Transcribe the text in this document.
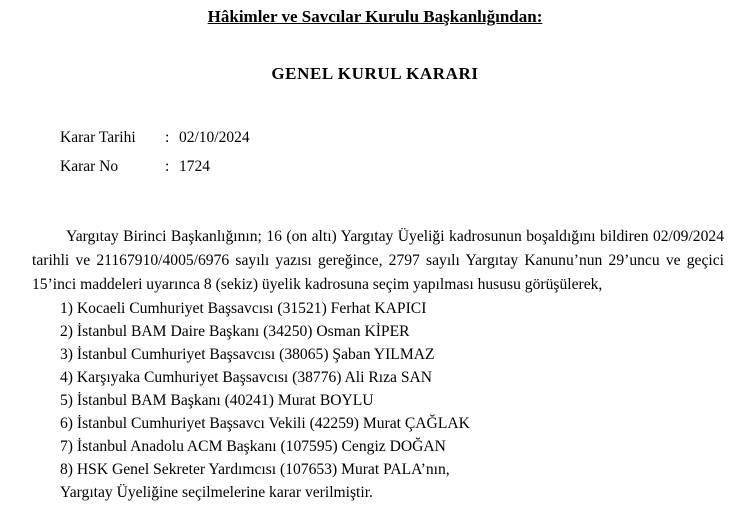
Hâkimler ve Savcılar Kurulu Başkanlığından:
GENEL KURUL KARARI
Karar Tarihi	: 02/10/2024
Karar No	: 1724

Yargıtay Birinci Başkanlığının; 16 (on altı) Yargıtay Üyeliği kadrosunun boşaldığını bildiren 02/09/2024 tarihli ve 21167910/4005/6976 sayılı yazısı gereğince, 2797 sayılı Yargıtay Kanunu’nun 29’uncu ve geçici 15’inci maddeleri uyarınca 8 (sekiz) üyelik kadrosuna seçim yapılması hususu görüşülerek,

1) Kocaeli Cumhuriyet Başsavcısı (31521) Ferhat KAPICI
2) İstanbul BAM Daire Başkanı (34250) Osman KİPER
3) İstanbul Cumhuriyet Başsavcısı (38065) Şaban YILMAZ
4) Karşıyaka Cumhuriyet Başsavcısı (38776) Ali Rıza SAN
5) İstanbul BAM Başkanı (40241) Murat BOYLU
6) İstanbul Cumhuriyet Başsavcı Vekili (42259) Murat ÇAĞLAK
7) İstanbul Anadolu ACM Başkanı (107595) Cengiz DOĞAN
8) HSK Genel Sekreter Yardımcısı (107653) Murat PALA’nın,

Yargıtay Üyeliğine seçilmelerine karar verilmiştir.
